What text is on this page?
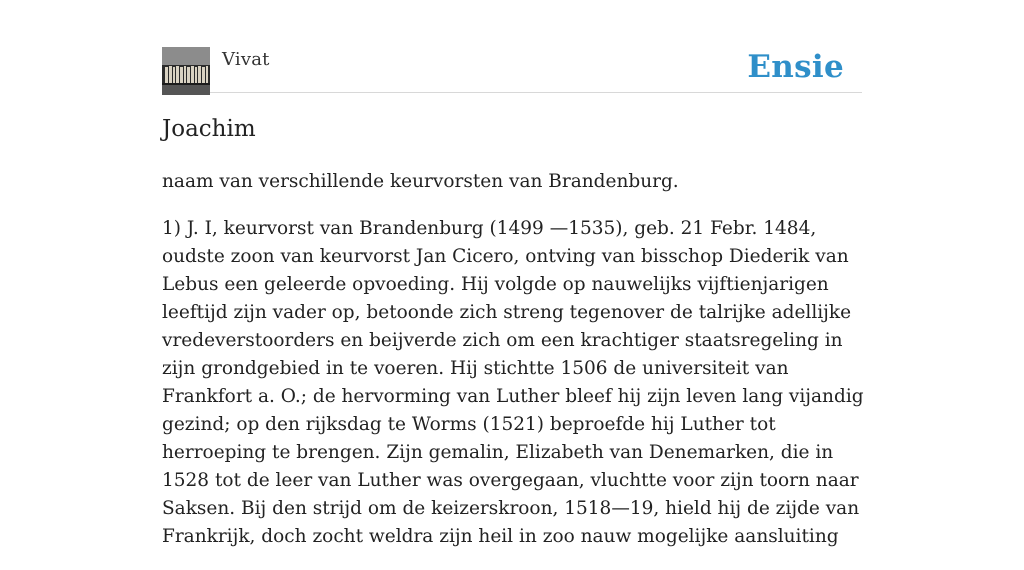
Vivat	Ensie
Joachim

naam van verschillende keurvorsten van Brandenburg.

1) J. I, keurvorst van Brandenburg (1499 —1535), geb. 21 Febr. 1484, oudste zoon van keurvorst Jan Cicero, ontving van bisschop Diederik van Lebus een geleerde opvoeding. Hij volgde op nauwelijks vijftienjarigen leeftijd zijn vader op, betoonde zich streng tegenover de talrijke adellijke vredeverstoorders en beijverde zich om een krachtiger staatsregeling in zijn grondgebied in te voeren. Hij stichtte 1506 de universiteit van Frankfort a. O.; de hervorming van Luther bleef hij zijn leven lang vijandig gezind; op den rijksdag te Worms (1521) beproefde hij Luther tot herroeping te brengen. Zijn gemalin, Elizabeth van Denemarken, die in 1528 tot de leer van Luther was overgegaan, vluchtte voor zijn toorn naar Saksen. Bij den strijd om de keizerskroon, 1518—19, hield hij de zijde van Frankrijk, doch zocht weldra zijn heil in zoo nauw mogelijke aansluiting
